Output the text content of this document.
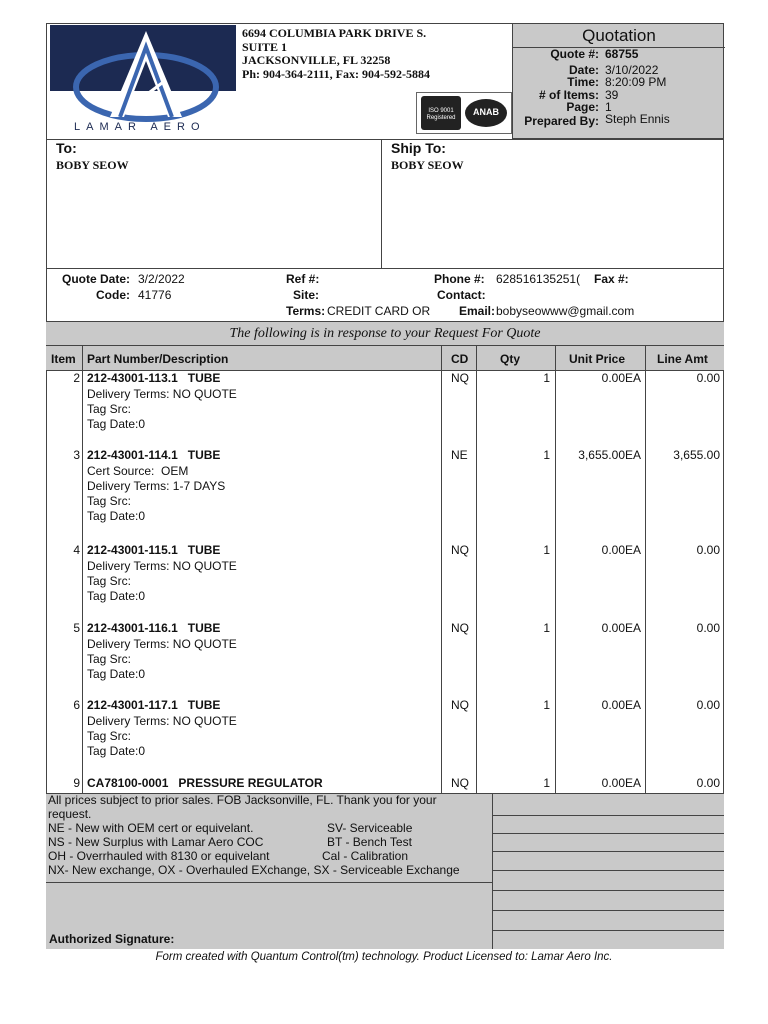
LAMAR AERO
6694 COLUMBIA PARK DRIVE S.
SUITE 1
JACKSONVILLE, FL 32258
Ph: 904-364-2111, Fax: 904-592-5884
ISO 9001 Registered
ANAB
Quotation
Quote #: 68755
Date: 3/10/2022
Time: 8:20:09 PM
# of Items: 39
Page: 1
Prepared By: Steph Ennis
To:
BOBY SEOW
Ship To:
BOBY SEOW
Quote Date: 3/2/2022
Code: 41776
Ref #:
Site:
Terms: CREDIT CARD OR
Phone #: 628516135251( Fax #:
Contact:
Email: bobyseowww@gmail.com
The following is in response to your Request For Quote
Item Part Number/Description	CD	Qty	Unit Price	Line Amt
2 212-43001-113.1   TUBE	NQ	1	0.00 EA	0.00
Delivery Terms: NO QUOTE
Tag Src:
Tag Date:0
3 212-43001-114.1   TUBE	NE	1	3,655.00 EA	3,655.00
Cert Source:  OEM
Delivery Terms: 1-7 DAYS
Tag Src:
Tag Date:0
4 212-43001-115.1   TUBE	NQ	1	0.00 EA	0.00
Delivery Terms: NO QUOTE
Tag Src:
Tag Date:0
5 212-43001-116.1   TUBE	NQ	1	0.00 EA	0.00
Delivery Terms: NO QUOTE
Tag Src:
Tag Date:0
6 212-43001-117.1   TUBE	NQ	1	0.00 EA	0.00
Delivery Terms: NO QUOTE
Tag Src:
Tag Date:0
9 CA78100-0001   PRESSURE REGULATOR	NQ	1	0.00 EA	0.00
All prices subject to prior sales. FOB Jacksonville, FL. Thank you for your
request.
NE - New with OEM cert or equivelant.	SV- Serviceable
NS - New Surplus with Lamar Aero COC	BT - Bench Test
OH - Overrhauled with 8130 or equivelant	Cal - Calibration
NX- New exchange, OX - Overhauled EXchange, SX - Serviceable Exchange
Authorized Signature:
Form created with Quantum Control(tm) technology. Product Licensed to: Lamar Aero Inc.
